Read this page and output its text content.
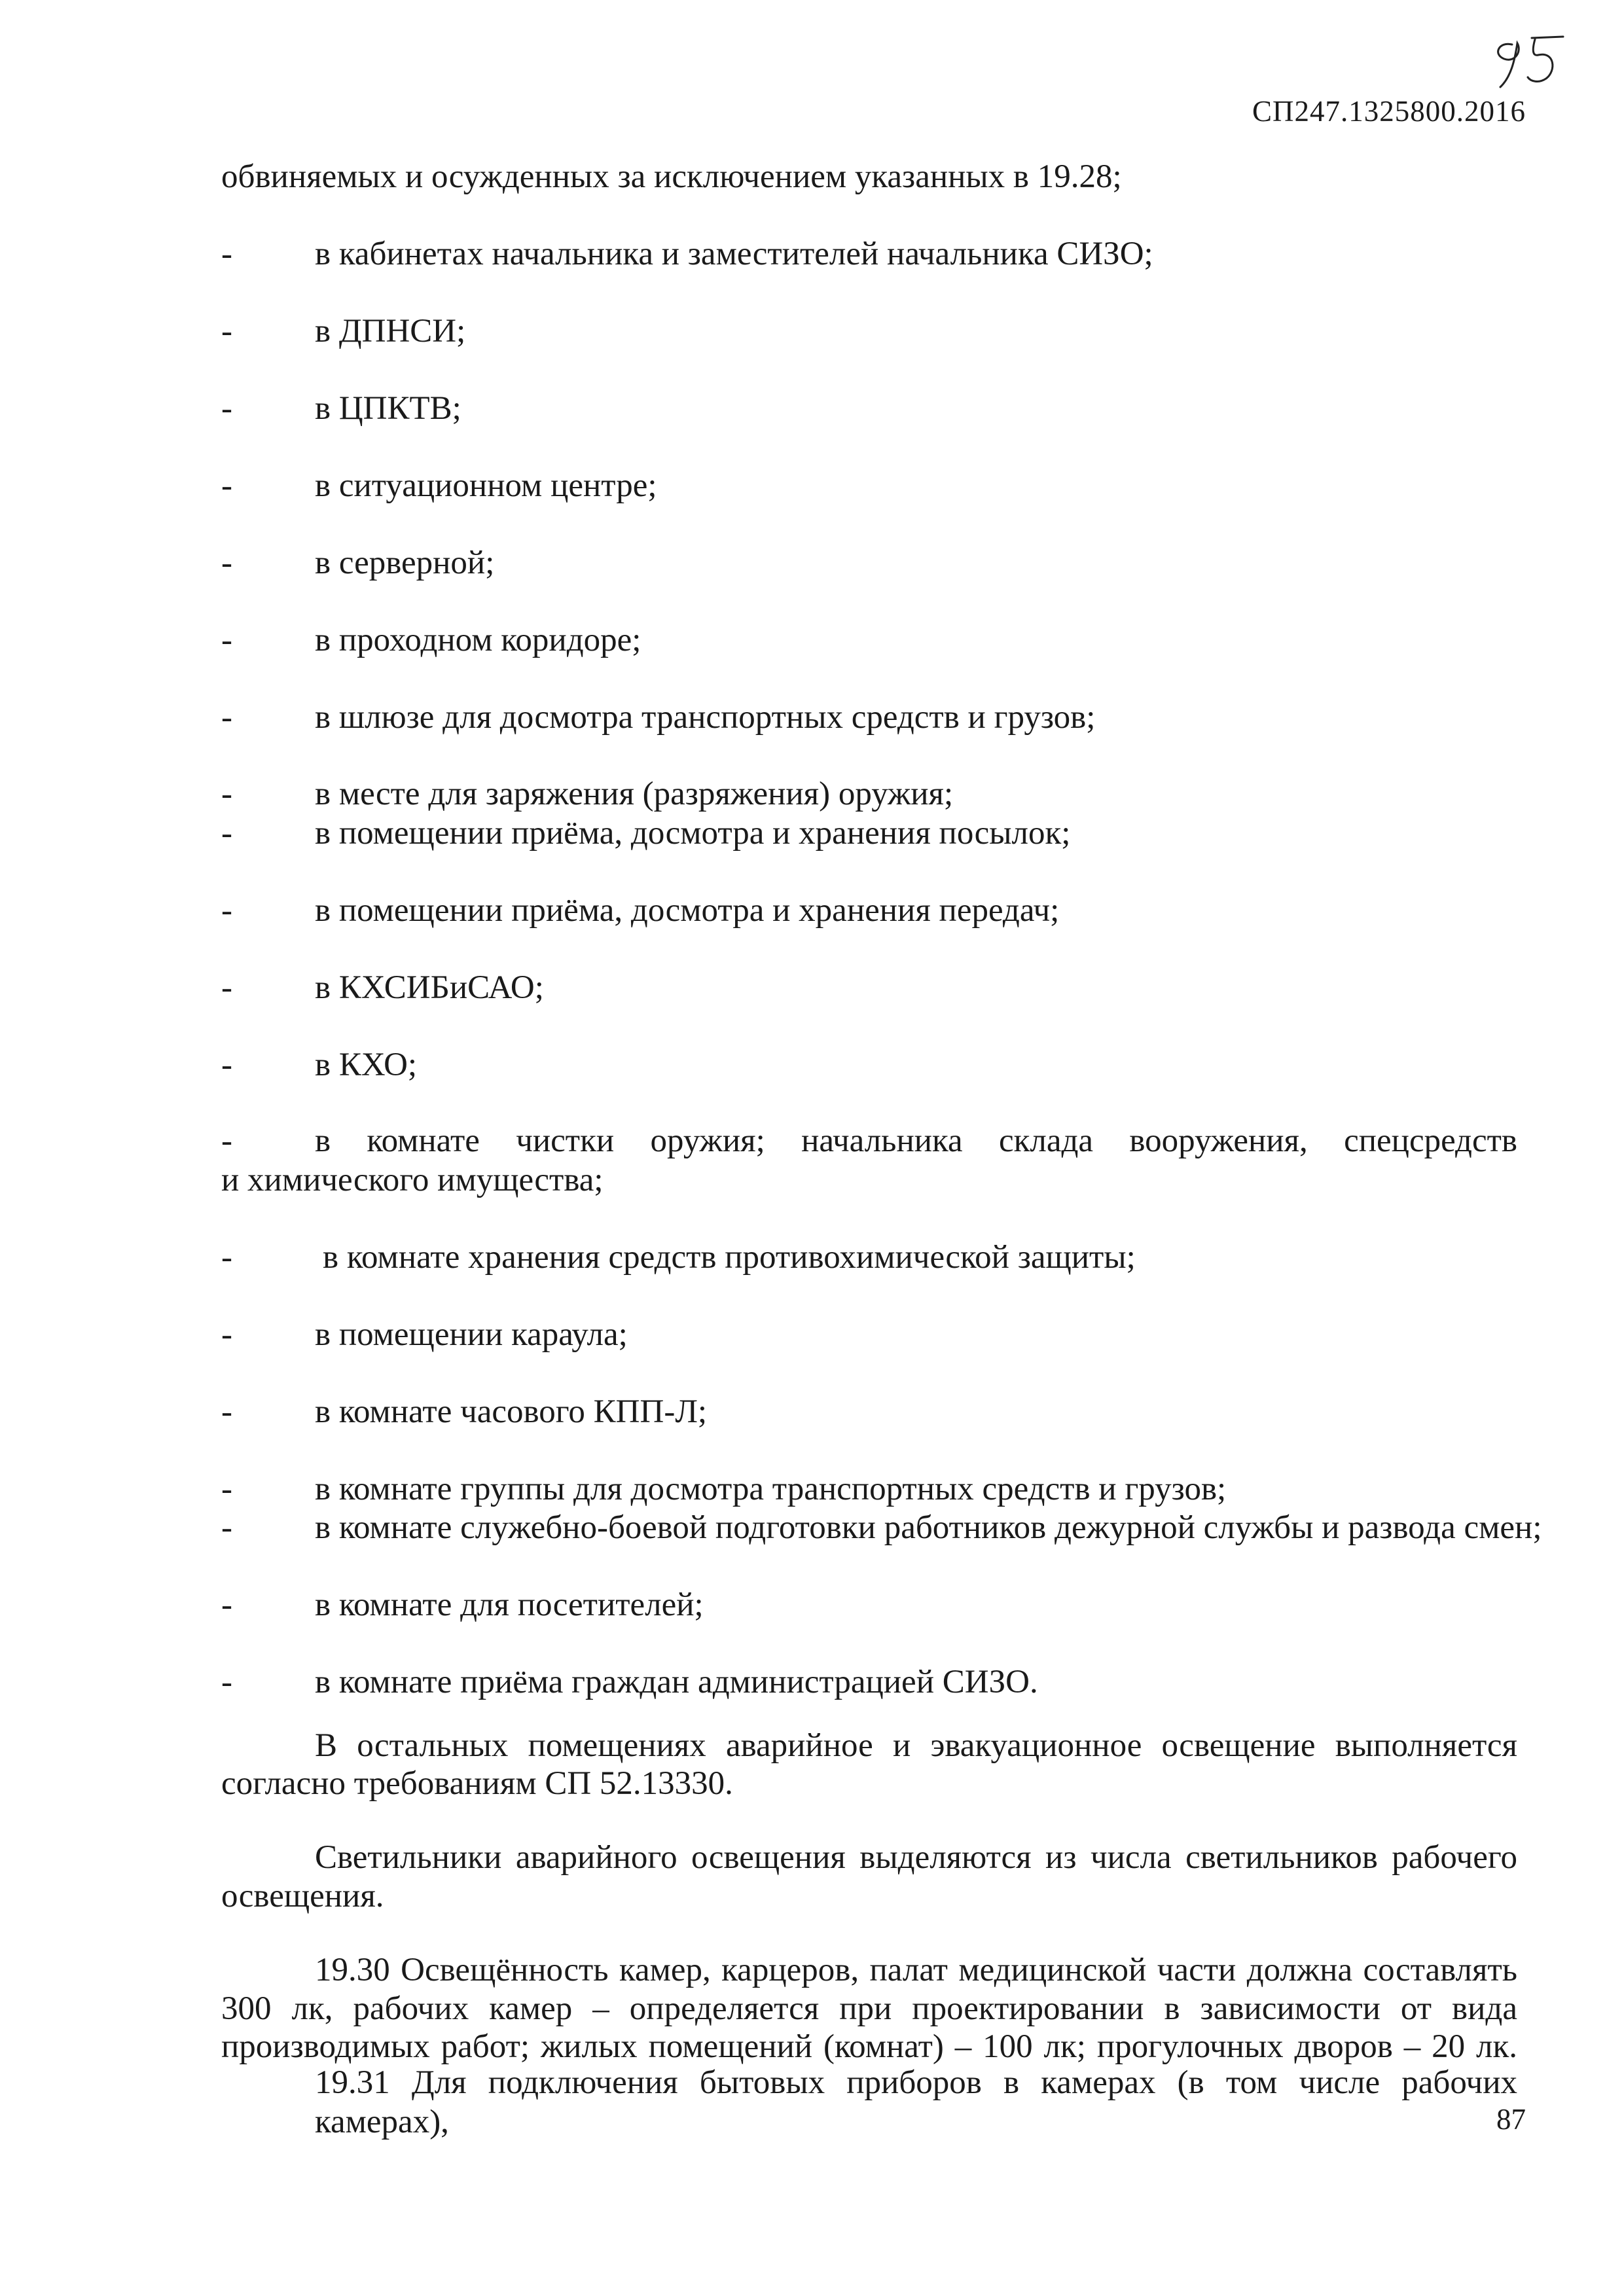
СП247.1325800.2016
обвиняемых и осужденных за исключением указанных в 19.28;
- в кабинетах начальника и заместителей начальника СИЗО;
- в ДПНСИ;
- в ЦПКТВ;
- в ситуационном центре;
- в серверной;
- в проходном коридоре;
- в шлюзе для досмотра транспортных средств и грузов;
- в месте для заряжения (разряжения) оружия;
- в помещении приёма, досмотра и хранения посылок;
- в помещении приёма, досмотра и хранения передач;
- в КХСИБиСАО;
- в КХО;
- в комнате чистки оружия; начальника склада вооружения, спецсредств
и химического имущества;
-	в комнате хранения средств противохимической защиты;
- в помещении караула;
- в комнате часового КПП-Л;
- в комнате группы для досмотра транспортных средств и грузов;
- в комнате служебно-боевой подготовки работников дежурной службы и развода смен;
- в комнате для посетителей;
- в комнате приёма граждан администрацией СИЗО.
В остальных помещениях аварийное и эвакуационное освещение выполняется
согласно требованиям СП 52.13330.
Светильники аварийного освещения выделяются из числа светильников рабочего
освещения.
19.30 Освещённость камер, карцеров, палат медицинской части должна составлять
300 лк, рабочих камер – определяется при проектировании в зависимости от вида
производимых работ; жилых помещений (комнат) – 100 лк; прогулочных дворов – 20 лк.
19.31 Для подключения бытовых приборов в камерах (в том числе рабочих камерах),	87
